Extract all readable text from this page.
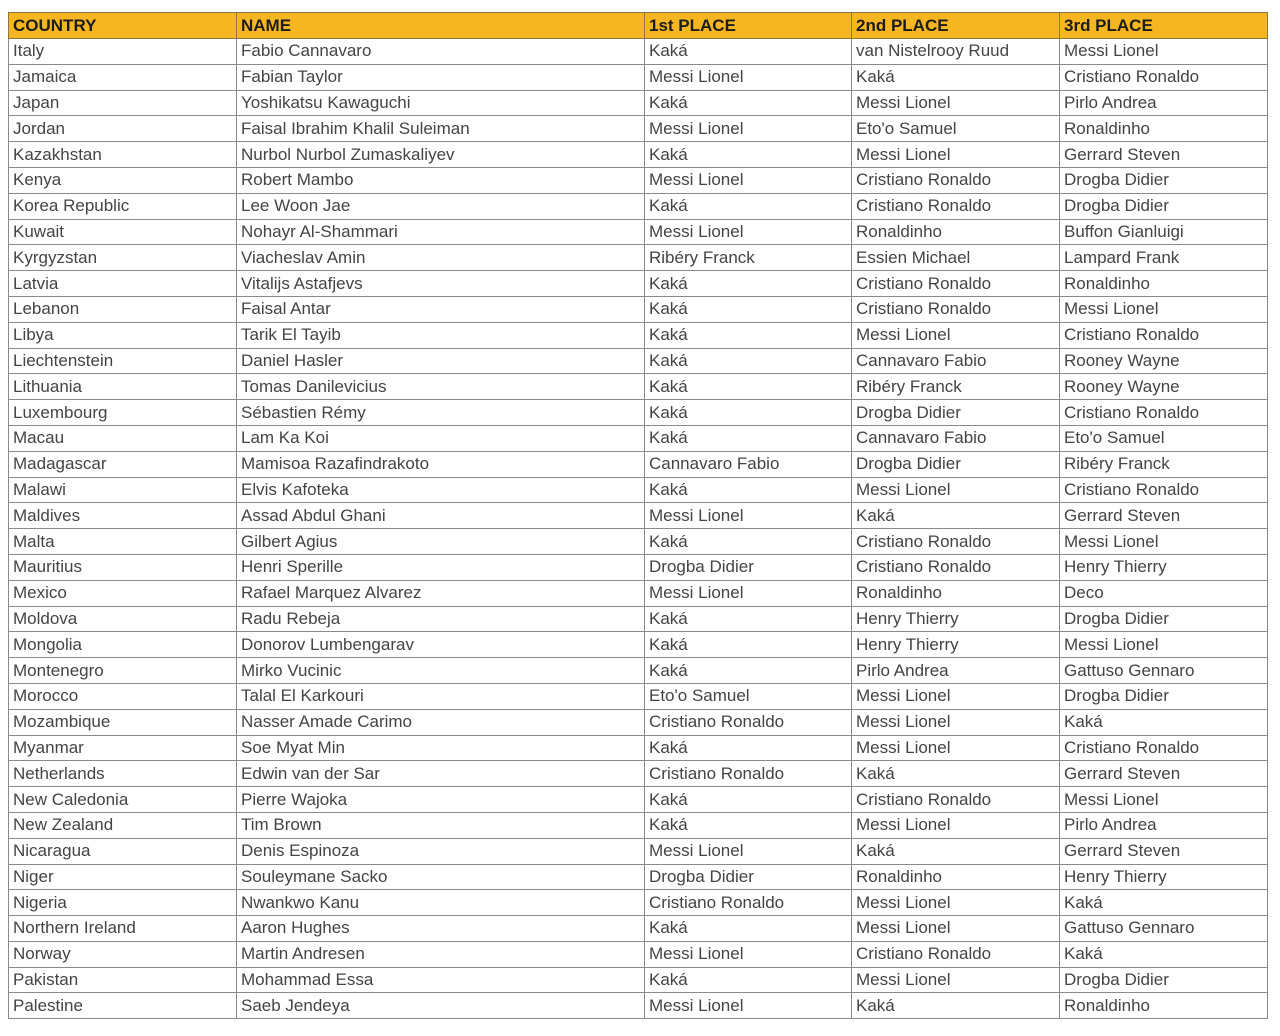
COUNTRY	NAME	1st PLACE	2nd PLACE	3rd PLACE
Italy	Fabio Cannavaro	Kaká	van Nistelrooy Ruud	Messi Lionel
Jamaica	Fabian Taylor	Messi Lionel	Kaká	Cristiano Ronaldo
Japan	Yoshikatsu Kawaguchi	Kaká	Messi Lionel	Pirlo Andrea
Jordan	Faisal Ibrahim Khalil Suleiman	Messi Lionel	Eto'o Samuel	Ronaldinho
Kazakhstan	Nurbol Nurbol Zumaskaliyev	Kaká	Messi Lionel	Gerrard Steven
Kenya	Robert Mambo	Messi Lionel	Cristiano Ronaldo	Drogba Didier
Korea Republic	Lee Woon Jae	Kaká	Cristiano Ronaldo	Drogba Didier
Kuwait	Nohayr Al-Shammari	Messi Lionel	Ronaldinho	Buffon Gianluigi
Kyrgyzstan	Viacheslav Amin	Ribéry Franck	Essien Michael	Lampard Frank
Latvia	Vitalijs Astafjevs	Kaká	Cristiano Ronaldo	Ronaldinho
Lebanon	Faisal Antar	Kaká	Cristiano Ronaldo	Messi Lionel
Libya	Tarik El Tayib	Kaká	Messi Lionel	Cristiano Ronaldo
Liechtenstein	Daniel Hasler	Kaká	Cannavaro Fabio	Rooney Wayne
Lithuania	Tomas Danilevicius	Kaká	Ribéry Franck	Rooney Wayne
Luxembourg	Sébastien Rémy	Kaká	Drogba Didier	Cristiano Ronaldo
Macau	Lam Ka Koi	Kaká	Cannavaro Fabio	Eto'o Samuel
Madagascar	Mamisoa Razafindrakoto	Cannavaro Fabio	Drogba Didier	Ribéry Franck
Malawi	Elvis Kafoteka	Kaká	Messi Lionel	Cristiano Ronaldo
Maldives	Assad Abdul Ghani	Messi Lionel	Kaká	Gerrard Steven
Malta	Gilbert Agius	Kaká	Cristiano Ronaldo	Messi Lionel
Mauritius	Henri Sperille	Drogba Didier	Cristiano Ronaldo	Henry Thierry
Mexico	Rafael Marquez Alvarez	Messi Lionel	Ronaldinho	Deco
Moldova	Radu Rebeja	Kaká	Henry Thierry	Drogba Didier
Mongolia	Donorov Lumbengarav	Kaká	Henry Thierry	Messi Lionel
Montenegro	Mirko Vucinic	Kaká	Pirlo Andrea	Gattuso Gennaro
Morocco	Talal El Karkouri	Eto'o Samuel	Messi Lionel	Drogba Didier
Mozambique	Nasser Amade Carimo	Cristiano Ronaldo	Messi Lionel	Kaká
Myanmar	Soe Myat Min	Kaká	Messi Lionel	Cristiano Ronaldo
Netherlands	Edwin van der Sar	Cristiano Ronaldo	Kaká	Gerrard Steven
New Caledonia	Pierre Wajoka	Kaká	Cristiano Ronaldo	Messi Lionel
New Zealand	Tim Brown	Kaká	Messi Lionel	Pirlo Andrea
Nicaragua	Denis Espinoza	Messi Lionel	Kaká	Gerrard Steven
Niger	Souleymane Sacko	Drogba Didier	Ronaldinho	Henry Thierry
Nigeria	Nwankwo Kanu	Cristiano Ronaldo	Messi Lionel	Kaká
Northern Ireland	Aaron Hughes	Kaká	Messi Lionel	Gattuso Gennaro
Norway	Martin Andresen	Messi Lionel	Cristiano Ronaldo	Kaká
Pakistan	Mohammad Essa	Kaká	Messi Lionel	Drogba Didier
Palestine	Saeb Jendeya	Messi Lionel	Kaká	Ronaldinho
